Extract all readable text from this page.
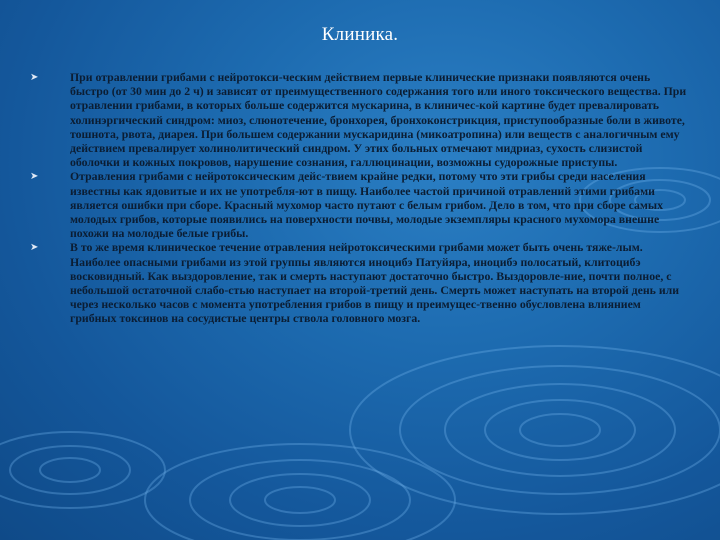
Клиника.
➤	При отравлении грибами с нейротокси-ческим действием первые клинические признаки появляются очень быстро (от 30 мин до 2 ч) и зависят от преимущественного содержания того или иного токсического вещества. При отравлении грибами, в которых больше содержится мускарина, в клиничес-кой картине будет превалировать холинэргический синдром: миоз, слюнотечение, бронхорея, бронхоконстрикция, приступообразные боли в животе, тошнота, рвота, диарея. При большем содержании мускаридина (микоатропина) или веществ с аналогичным ему действием превалирует холинолитический синдром. У этих больных отмечают мидриаз, сухость слизистой оболочки и кожных покровов, нарушение сознания, галлюцинации, возможны судорожные приступы.
➤	Отравления грибами с нейротоксическим дейс-твием крайне редки, потому что эти грибы среди населения известны как ядовитые и их не употребля-ют в пищу. Наиболее частой причиной отравлений этими грибами является ошибки при сборе. Красный мухомор часто путают с белым грибом. Дело в том, что при сборе самых молодых грибов, которые появились на поверхности почвы, молодые экземпляры красного мухомора внешне похожи на молодые белые грибы.
➤	В то же время клиническое течение отравления нейротоксическими грибами может быть очень тяже-лым. Наиболее опасными грибами из этой группы являются иноцибэ Патуйяра, иноцибэ полосатый, клитоцибэ восковидный. Как выздоровление, так и смерть наступают достаточно быстро. Выздоровле-ние, почти полное, с небольшой остаточной слабо-стью наступает на второй-третий день. Смерть может наступать на второй день или через несколько часов с момента употребления грибов в пищу и преимущес-твенно обусловлена влиянием грибных токсинов на сосудистые центры ствола головного мозга.
